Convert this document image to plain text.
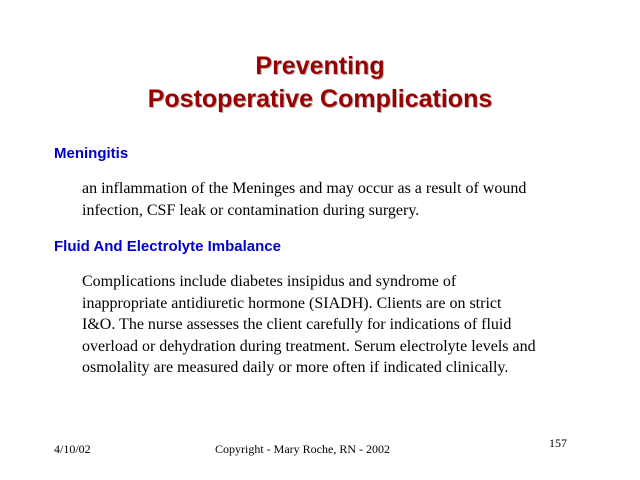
Preventing
Postoperative Complications
Meningitis
an inflammation of the Meninges and may occur as a result of wound
infection, CSF leak or contamination during surgery.
Fluid And Electrolyte Imbalance
Complications include diabetes insipidus and syndrome of
inappropriate antidiuretic hormone (SIADH). Clients are on strict
I&O. The nurse assesses the client carefully for indications of fluid
overload or dehydration during treatment. Serum electrolyte levels and
osmolality are measured daily or more often if indicated clinically.
4/10/02	Copyright - Mary Roche, RN - 2002	157
